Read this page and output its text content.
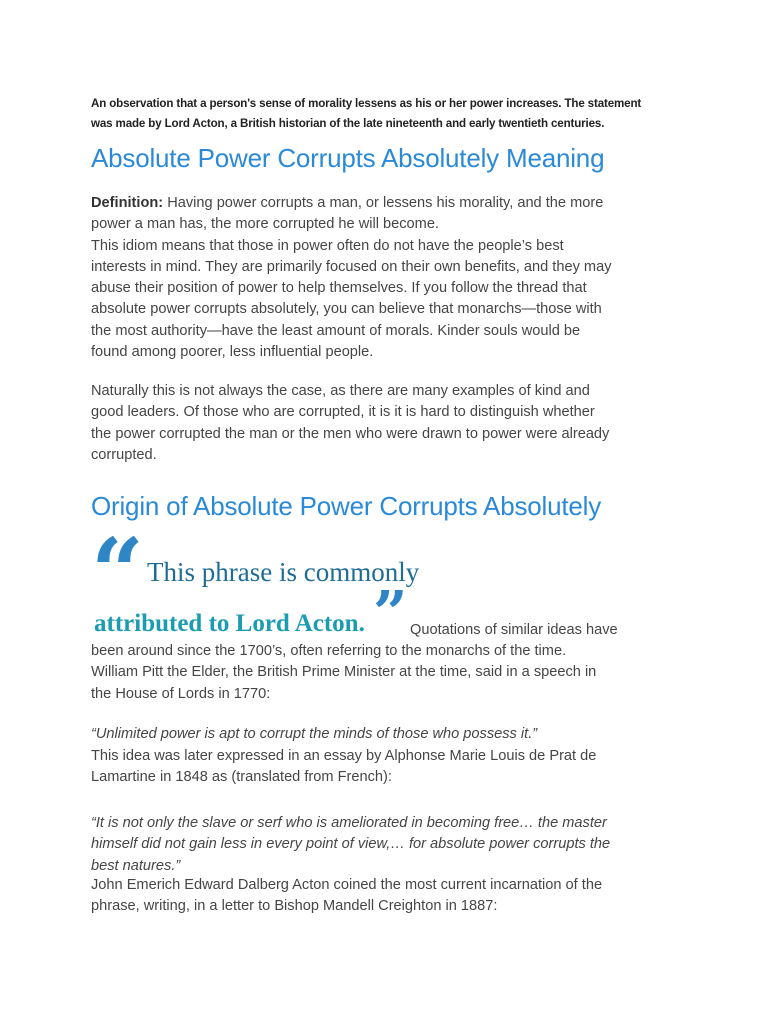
An observation that a person's sense of morality lessens as his or her power increases. The statement
was made by Lord Acton, a British historian of the late nineteenth and early twentieth centuries.
Absolute Power Corrupts Absolutely Meaning
Definition: Having power corrupts a man, or lessens his morality, and the more
power a man has, the more corrupted he will become.
This idiom means that those in power often do not have the people’s best
interests in mind. They are primarily focused on their own benefits, and they may
abuse their position of power to help themselves. If you follow the thread that
absolute power corrupts absolutely, you can believe that monarchs—those with
the most authority—have the least amount of morals. Kinder souls would be
found among poorer, less influential people.
Naturally this is not always the case, as there are many examples of kind and
good leaders. Of those who are corrupted, it is it is hard to distinguish whether
the power corrupted the man or the men who were drawn to power were already
corrupted.
Origin of Absolute Power Corrupts Absolutely
“ This phrase is commonly
attributed to Lord Acton. ” Quotations of similar ideas have
been around since the 1700’s, often referring to the monarchs of the time.
William Pitt the Elder, the British Prime Minister at the time, said in a speech in
the House of Lords in 1770:
“Unlimited power is apt to corrupt the minds of those who possess it.”
This idea was later expressed in an essay by Alphonse Marie Louis de Prat de
Lamartine in 1848 as (translated from French):
“It is not only the slave or serf who is ameliorated in becoming free… the master
himself did not gain less in every point of view,… for absolute power corrupts the
best natures.”
John Emerich Edward Dalberg Acton coined the most current incarnation of the
phrase, writing, in a letter to Bishop Mandell Creighton in 1887:
